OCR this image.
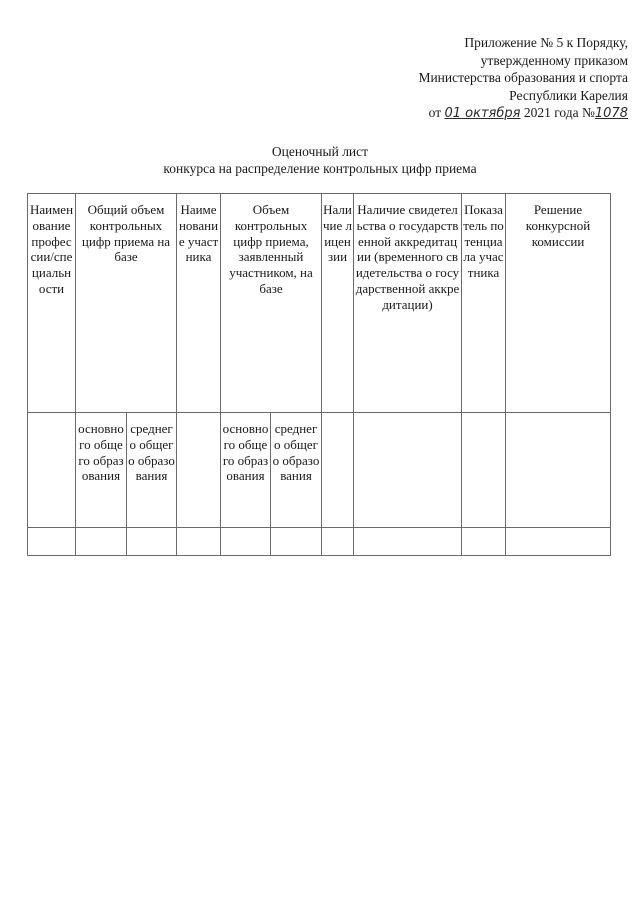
Приложение № 5 к Порядку,
утвержденному приказом
Министерства образования и спорта
Республики Карелия
от 01 октября 2021 года №1078
Оценочный лист
конкурса на распределение контрольных цифр приема
Наименование профессии/специальности	Общий объем контрольных цифр приема на базе		Наименование участника	Объем контрольных цифр приема, заявленный участником, на базе		Наличие лицензии	Наличие свидетельства о государственной аккредитации (временного свидетельства о государственной аккредитации)	Показатель потенциала участника	Решение конкурсной комиссии
	основного общего образования	среднего общего образования		основного общего образования	среднего общего образования				
